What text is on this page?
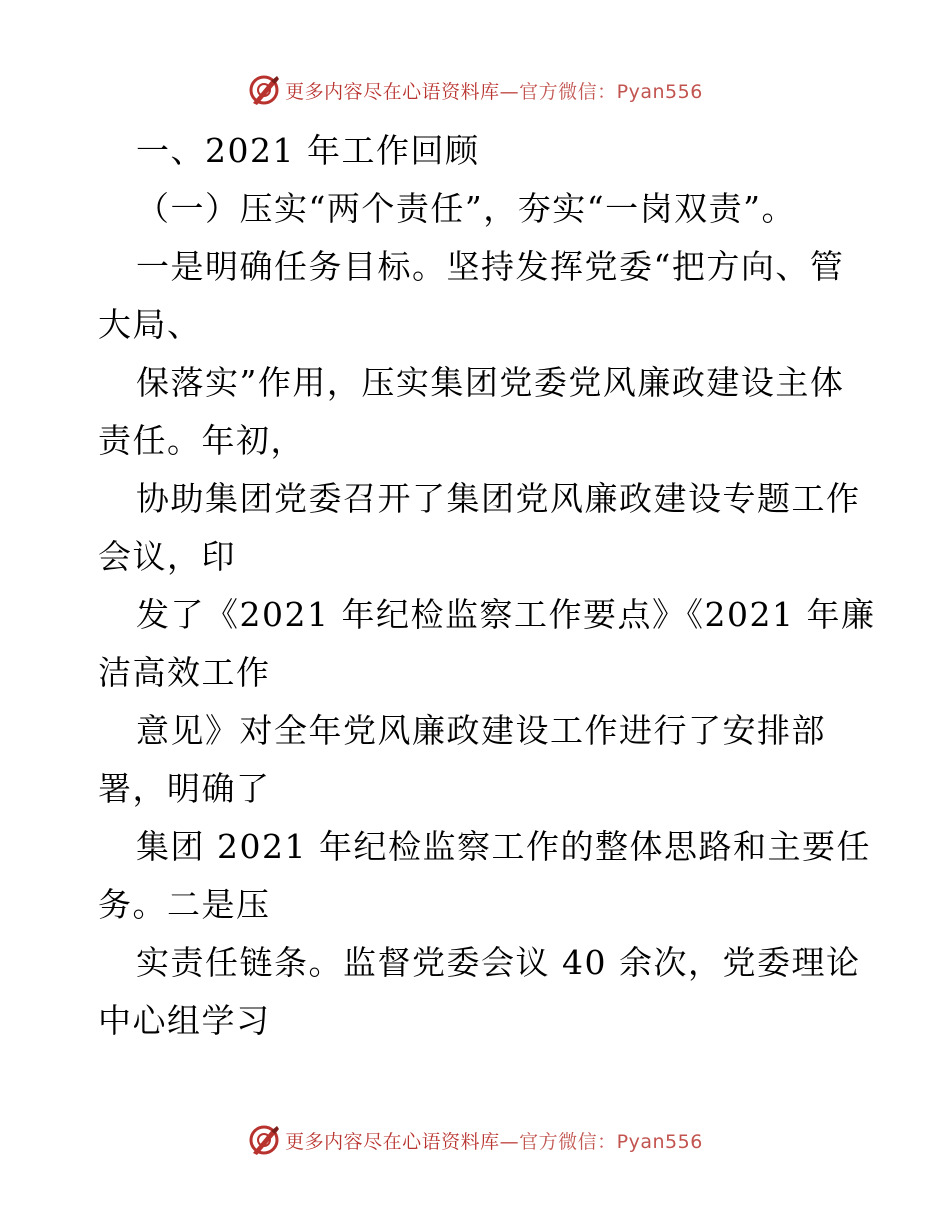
更多内容尽在心语资料库—官方微信：Pyan556
一、2021 年工作回顾
（一）压实“两个责任”，夯实“一岗双责”。
一是明确任务目标。坚持发挥党委“把方向、管
大局、
保落实”作用，压实集团党委党风廉政建设主体
责任。年初，
协助集团党委召开了集团党风廉政建设专题工作
会议，印
发了《2021 年纪检监察工作要点》《2021 年廉
洁高效工作
意见》对全年党风廉政建设工作进行了安排部
署，明确了
集团 2021 年纪检监察工作的整体思路和主要任
务。二是压
实责任链条。监督党委会议 40 余次，党委理论
中心组学习
更多内容尽在心语资料库—官方微信：Pyan556
